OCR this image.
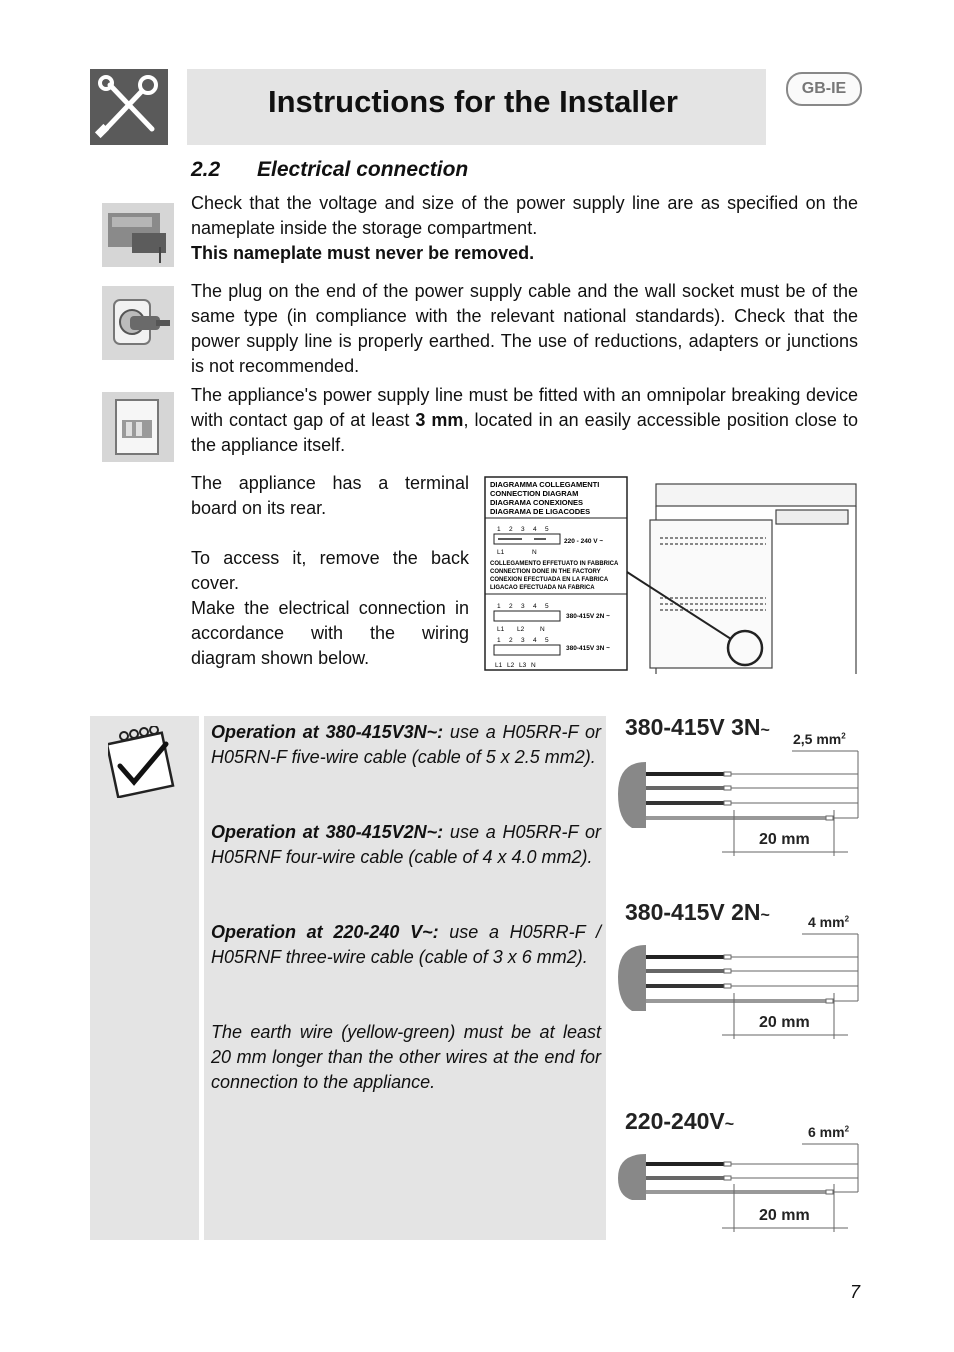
Instructions for the Installer	GB-IE
2.2 Electrical connection
Check that the voltage and size of the power supply line are as specified on the nameplate inside the storage compartment.
This nameplate must never be removed.
The plug on the end of the power supply cable and the wall socket must be of the same type (in compliance with the relevant national standards). Check that the power supply line is properly earthed. The use of reductions, adapters or junctions is not recommended.
The appliance's power supply line must be fitted with an omnipolar breaking device with contact gap of at least 3 mm, located in an easily accessible position close to the appliance itself.
The appliance has a terminal board on its rear.
To access it, remove the back cover.
Make the electrical connection in accordance with the wiring diagram shown below.
DIAGRAMMA COLLEGAMENTI
CONNECTION DIAGRAM
DIAGRAMA CONEXIONES
DIAGRAMA DE LIGACODES
1 2 3 4 5
L1	N
220 - 240 V ~
COLLEGAMENTO EFFETUATO IN FABBRICA
CONNECTION DONE IN THE FACTORY
CONEXION EFECTUADA EN LA FABRICA
LIGACAO EFECTUADA NA FABRICA
1 2 3 4 5
L1 L2 N
380-415V 2N ~
1 2 3 4 5
L1 L2 L3 N
380-415V 3N ~
Operation at 380-415V3N~: use a H05RR-F or H05RN-F five-wire cable (cable of 5 x 2.5 mm2).
Operation at 380-415V2N~: use a H05RR-F or H05RNF four-wire cable (cable of 4 x 4.0 mm2).
Operation at 220-240 V~: use a H05RR-F / H05RNF three-wire cable (cable of 3 x 6 mm2).
The earth wire (yellow-green) must be at least 20 mm longer than the other wires at the end for connection to the appliance.
380-415V 3N~ 2,5 $mm^2$
20 mm
380-415V 2N~	4 $mm^2$
20 mm
220-240V~	6 $mm^2$
20 mm
7
